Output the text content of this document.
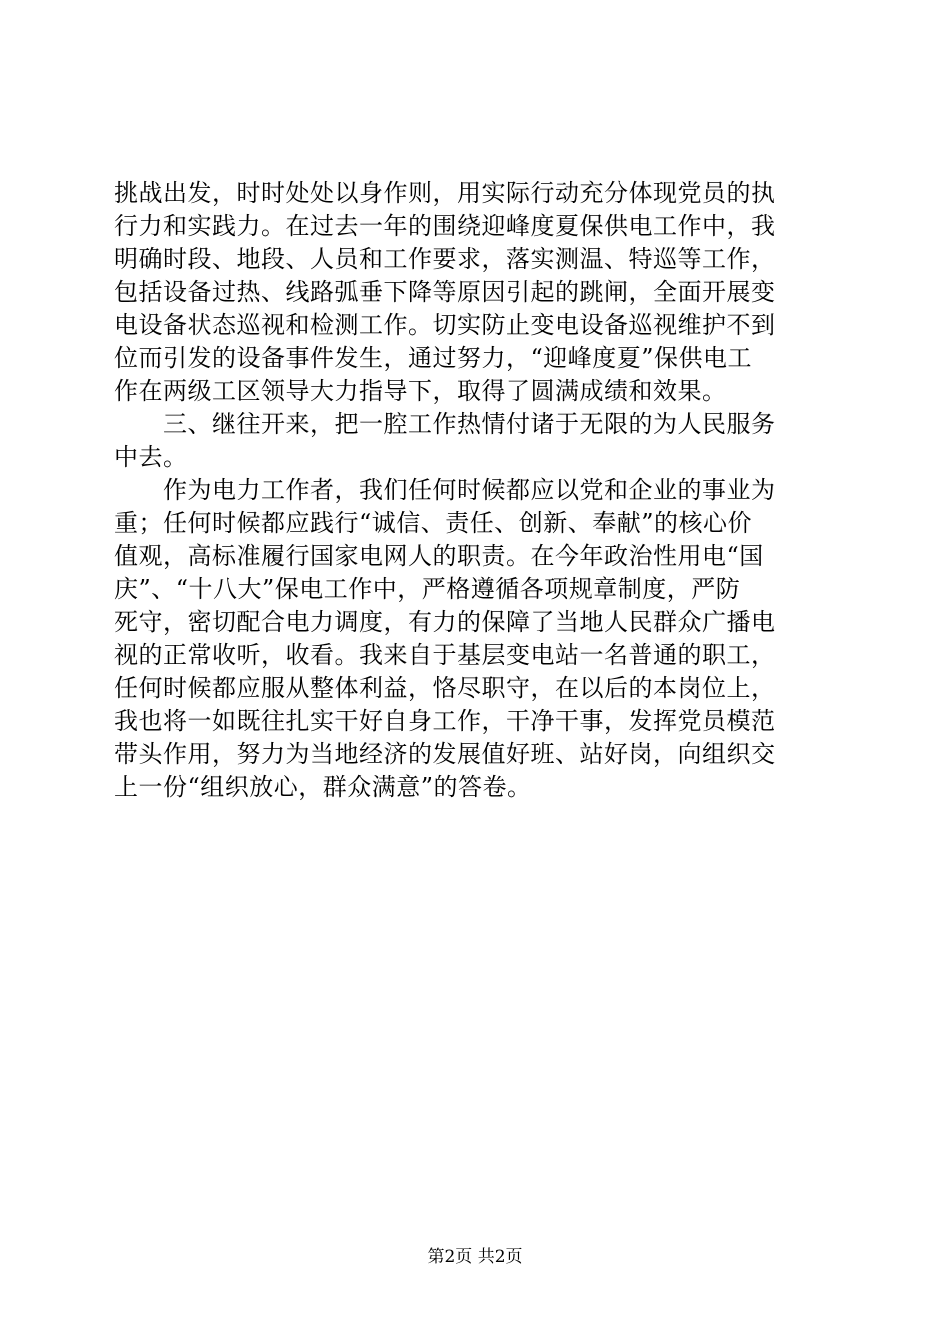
挑战出发，时时处处以身作则，用实际行动充分体现党员的执
行力和实践力。在过去一年的围绕迎峰度夏保供电工作中，我
明确时段、地段、人员和工作要求，落实测温、特巡等工作，
包括设备过热、线路弧垂下降等原因引起的跳闸，全面开展变
电设备状态巡视和检测工作。切实防止变电设备巡视维护不到
位而引发的设备事件发生，通过努力，“迎峰度夏”保供电工
作在两级工区领导大力指导下，取得了圆满成绩和效果。
　　三、继往开来，把一腔工作热情付诸于无限的为人民服务
中去。
　　作为电力工作者，我们任何时候都应以党和企业的事业为
重；任何时候都应践行“诚信、责任、创新、奉献”的核心价
值观，高标准履行国家电网人的职责。在今年政治性用电“国
庆”、“十八大”保电工作中，严格遵循各项规章制度，严防
死守，密切配合电力调度，有力的保障了当地人民群众广播电
视的正常收听，收看。我来自于基层变电站一名普通的职工，
任何时候都应服从整体利益，恪尽职守，在以后的本岗位上，
我也将一如既往扎实干好自身工作，干净干事，发挥党员模范
带头作用，努力为当地经济的发展值好班、站好岗，向组织交
上一份“组织放心，群众满意”的答卷。
第2页 共2页
